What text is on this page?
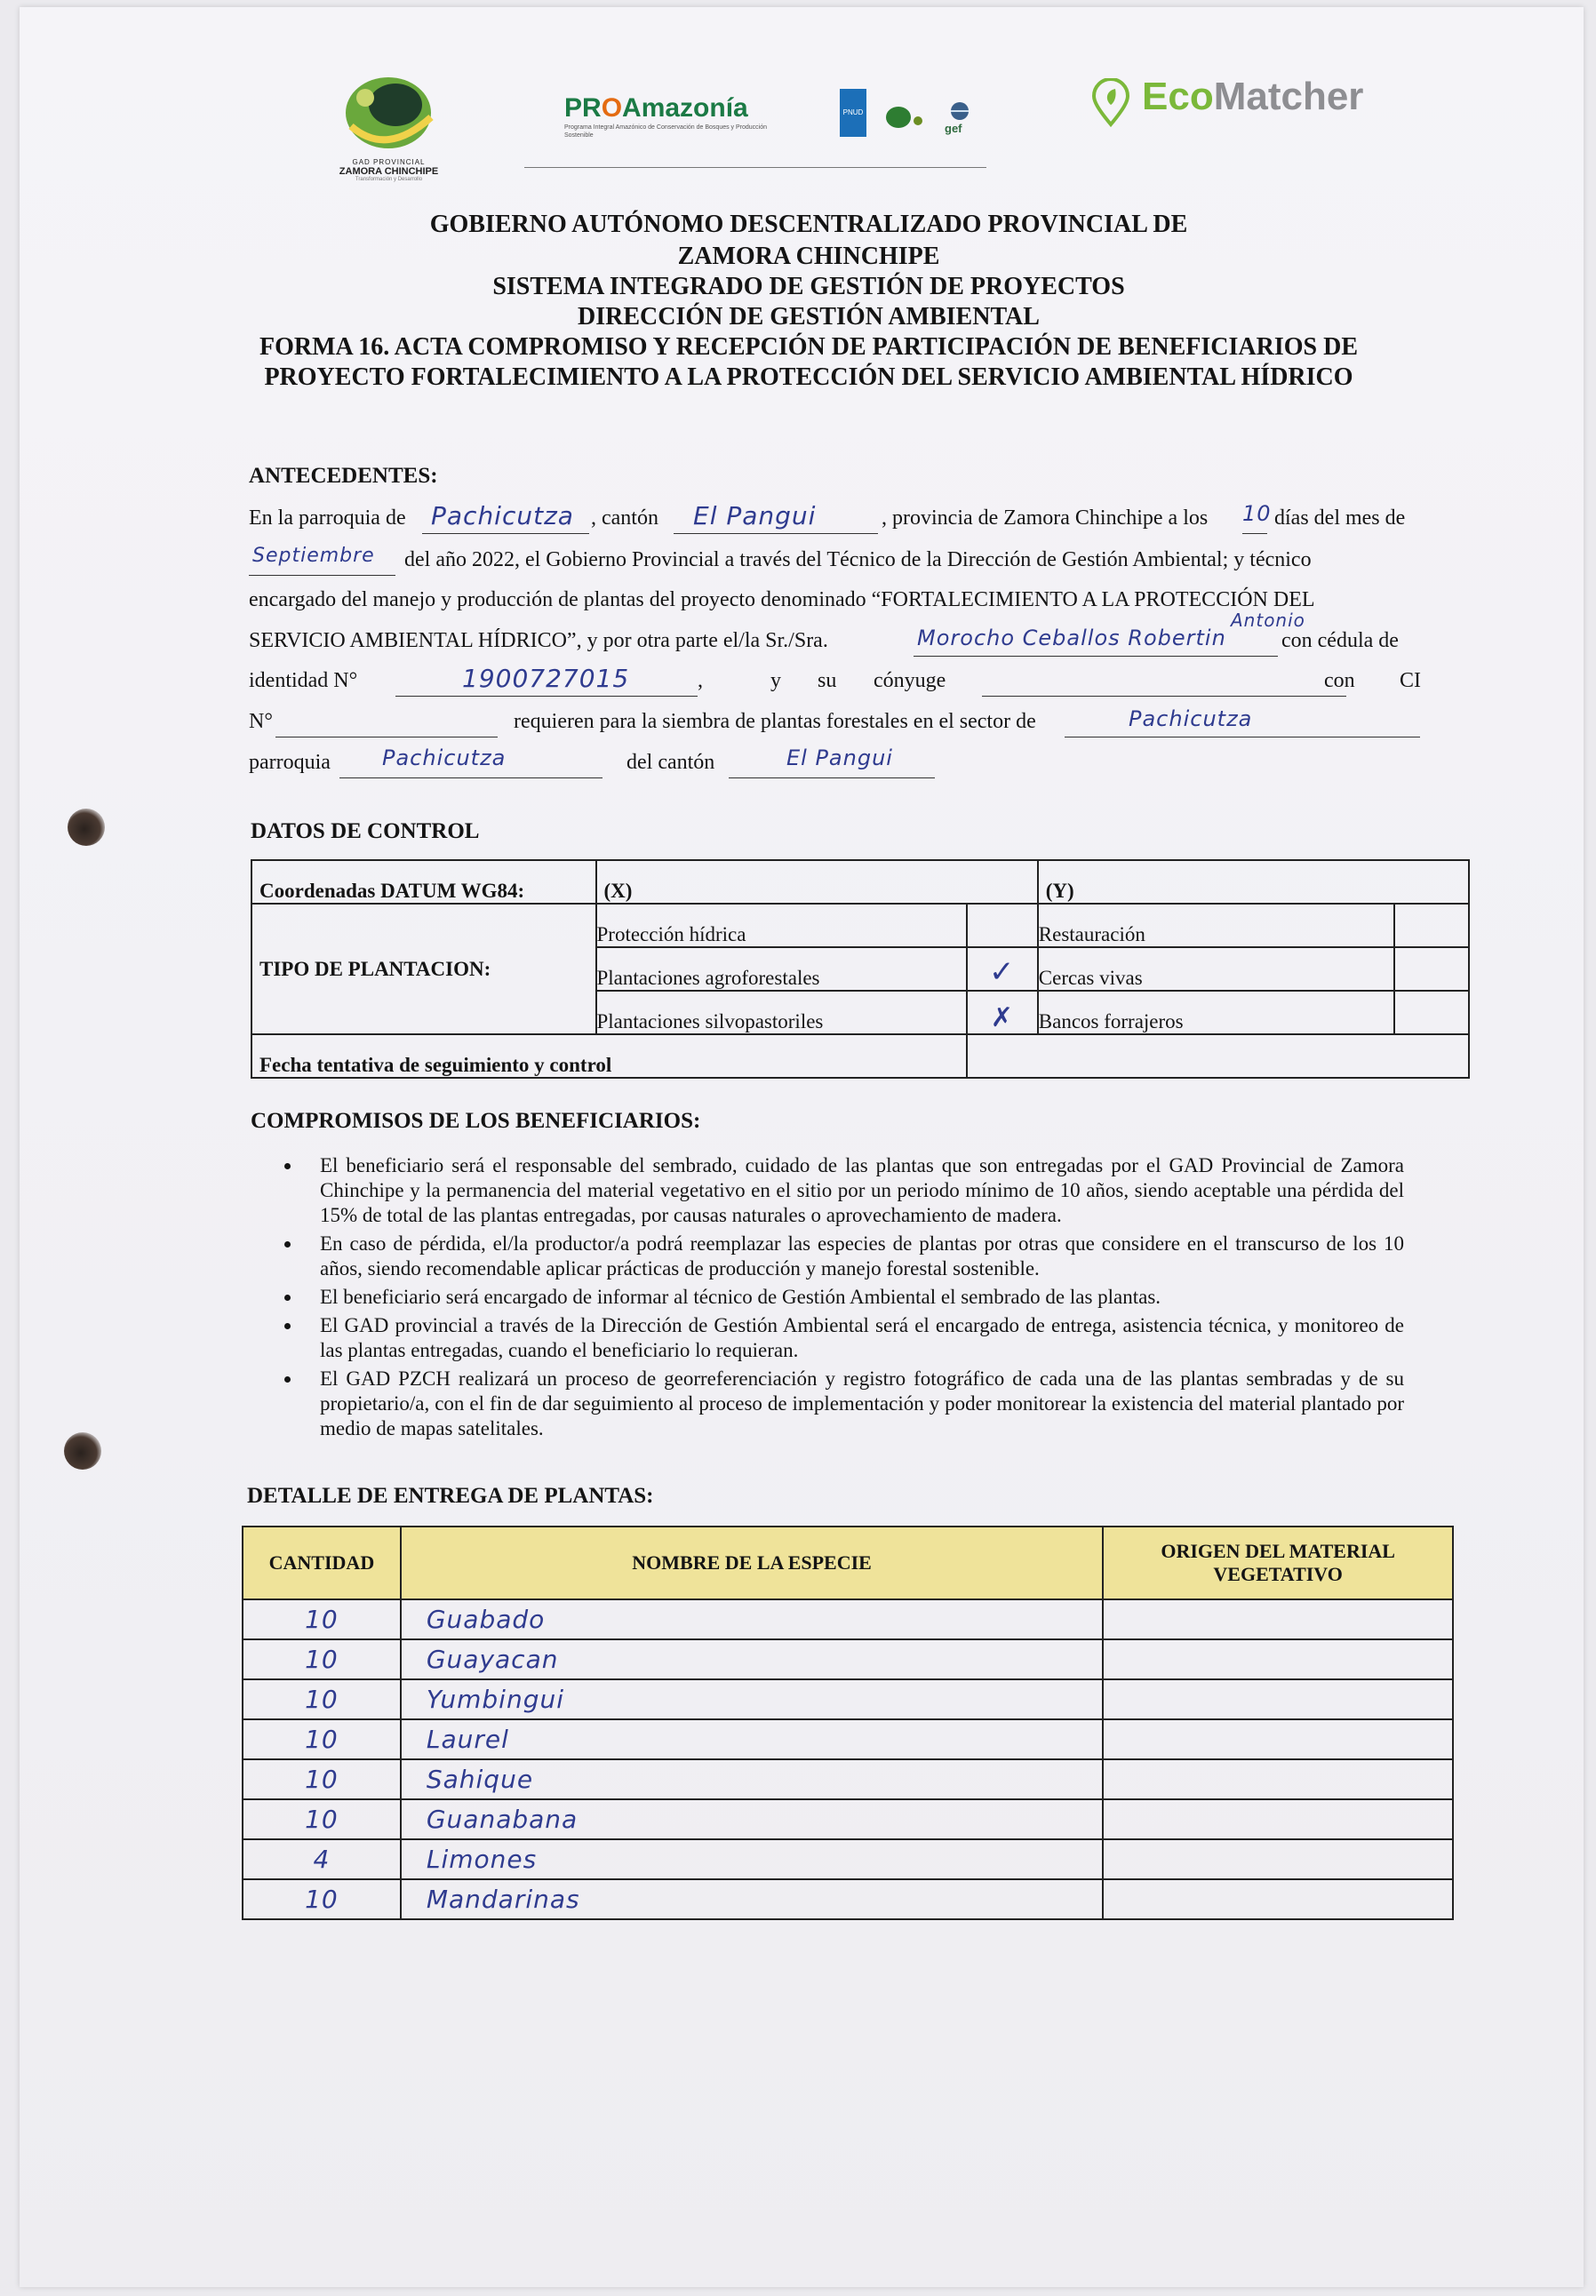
GAD PROVINCIAL
ZAMORA CHINCHIPE
Transformación y Desarrollo
PROAmazonía
Programa Integral Amazónico de Conservación de Bosques y Producción Sostenible
PNUD
gef
EcoMatcher
GOBIERNO AUTÓNOMO DESCENTRALIZADO PROVINCIAL DE
ZAMORA CHINCHIPE
SISTEMA INTEGRADO DE GESTIÓN DE PROYECTOS
DIRECCIÓN DE GESTIÓN AMBIENTAL
FORMA 16. ACTA COMPROMISO Y RECEPCIÓN DE PARTICIPACIÓN DE BENEFICIARIOS DE
PROYECTO FORTALECIMIENTO A LA PROTECCIÓN DEL SERVICIO AMBIENTAL HÍDRICO
ANTECEDENTES:
En la parroquia de Pachicutza , cantón El Pangui	, provincia de Zamora Chinchipe a los 10 días del mes de
Septiembre del año 2022, el Gobierno Provincial a través del Técnico de la Dirección de Gestión Ambiental; y técnico
encargado del manejo y producción de plantas del proyecto denominado “FORTALECIMIENTO A LA PROTECCIÓN DEL
SERVICIO AMBIENTAL HÍDRICO”, y por otra parte el/la Sr./Sra.	Morocho Ceballos Robertin
Antonio
con cédula de
identidad N°	1900727015	,	y su cónyuge	con CI
N°	requieren para la siembra de plantas forestales en el sector de	Pachicutza
parroquia Pachicutza	del cantón	El Pangui
DATOS DE CONTROL
Coordenadas DATUM WG84:	(X)		(Y)	
TIPO DE PLANTACION:	Protección hídrica		Restauración	
	Plantaciones agroforestales	✓	Cercas vivas	
	Plantaciones silvopastoriles	✗	Bancos forrajeros	
Fecha tentativa de seguimiento y control				
COMPROMISOS DE LOS BENEFICIARIOS:
• El beneficiario será el responsable del sembrado, cuidado de las plantas que son entregadas por el GAD Provincial de Zamora Chinchipe y la permanencia del material vegetativo en el sitio por un periodo mínimo de 10 años, siendo aceptable una pérdida del 15% de total de las plantas entregadas, por causas naturales o aprovechamiento de madera.
• En caso de pérdida, el/la productor/a podrá reemplazar las especies de plantas por otras que considere en el transcurso de los 10 años, siendo recomendable aplicar prácticas de producción y manejo forestal sostenible.
• El beneficiario será encargado de informar al técnico de Gestión Ambiental el sembrado de las plantas.
• El GAD provincial a través de la Dirección de Gestión Ambiental será el encargado de entrega, asistencia técnica, y monitoreo de las plantas entregadas, cuando el beneficiario lo requieran.
• El GAD PZCH realizará un proceso de georreferenciación y registro fotográfico de cada una de las plantas sembradas y de su propietario/a, con el fin de dar seguimiento al proceso de implementación y poder monitorear la existencia del material plantado por medio de mapas satelitales.
DETALLE DE ENTREGA DE PLANTAS:
CANTIDAD	NOMBRE DE LA ESPECIE	ORIGEN DEL MATERIAL VEGETATIVO
10	Guabado	
10	Guayacan	
10	Yumbingui	
10	Laurel	
10	Sahique	
10	Guanabana	
4	Limones	
10	Mandarinas	
